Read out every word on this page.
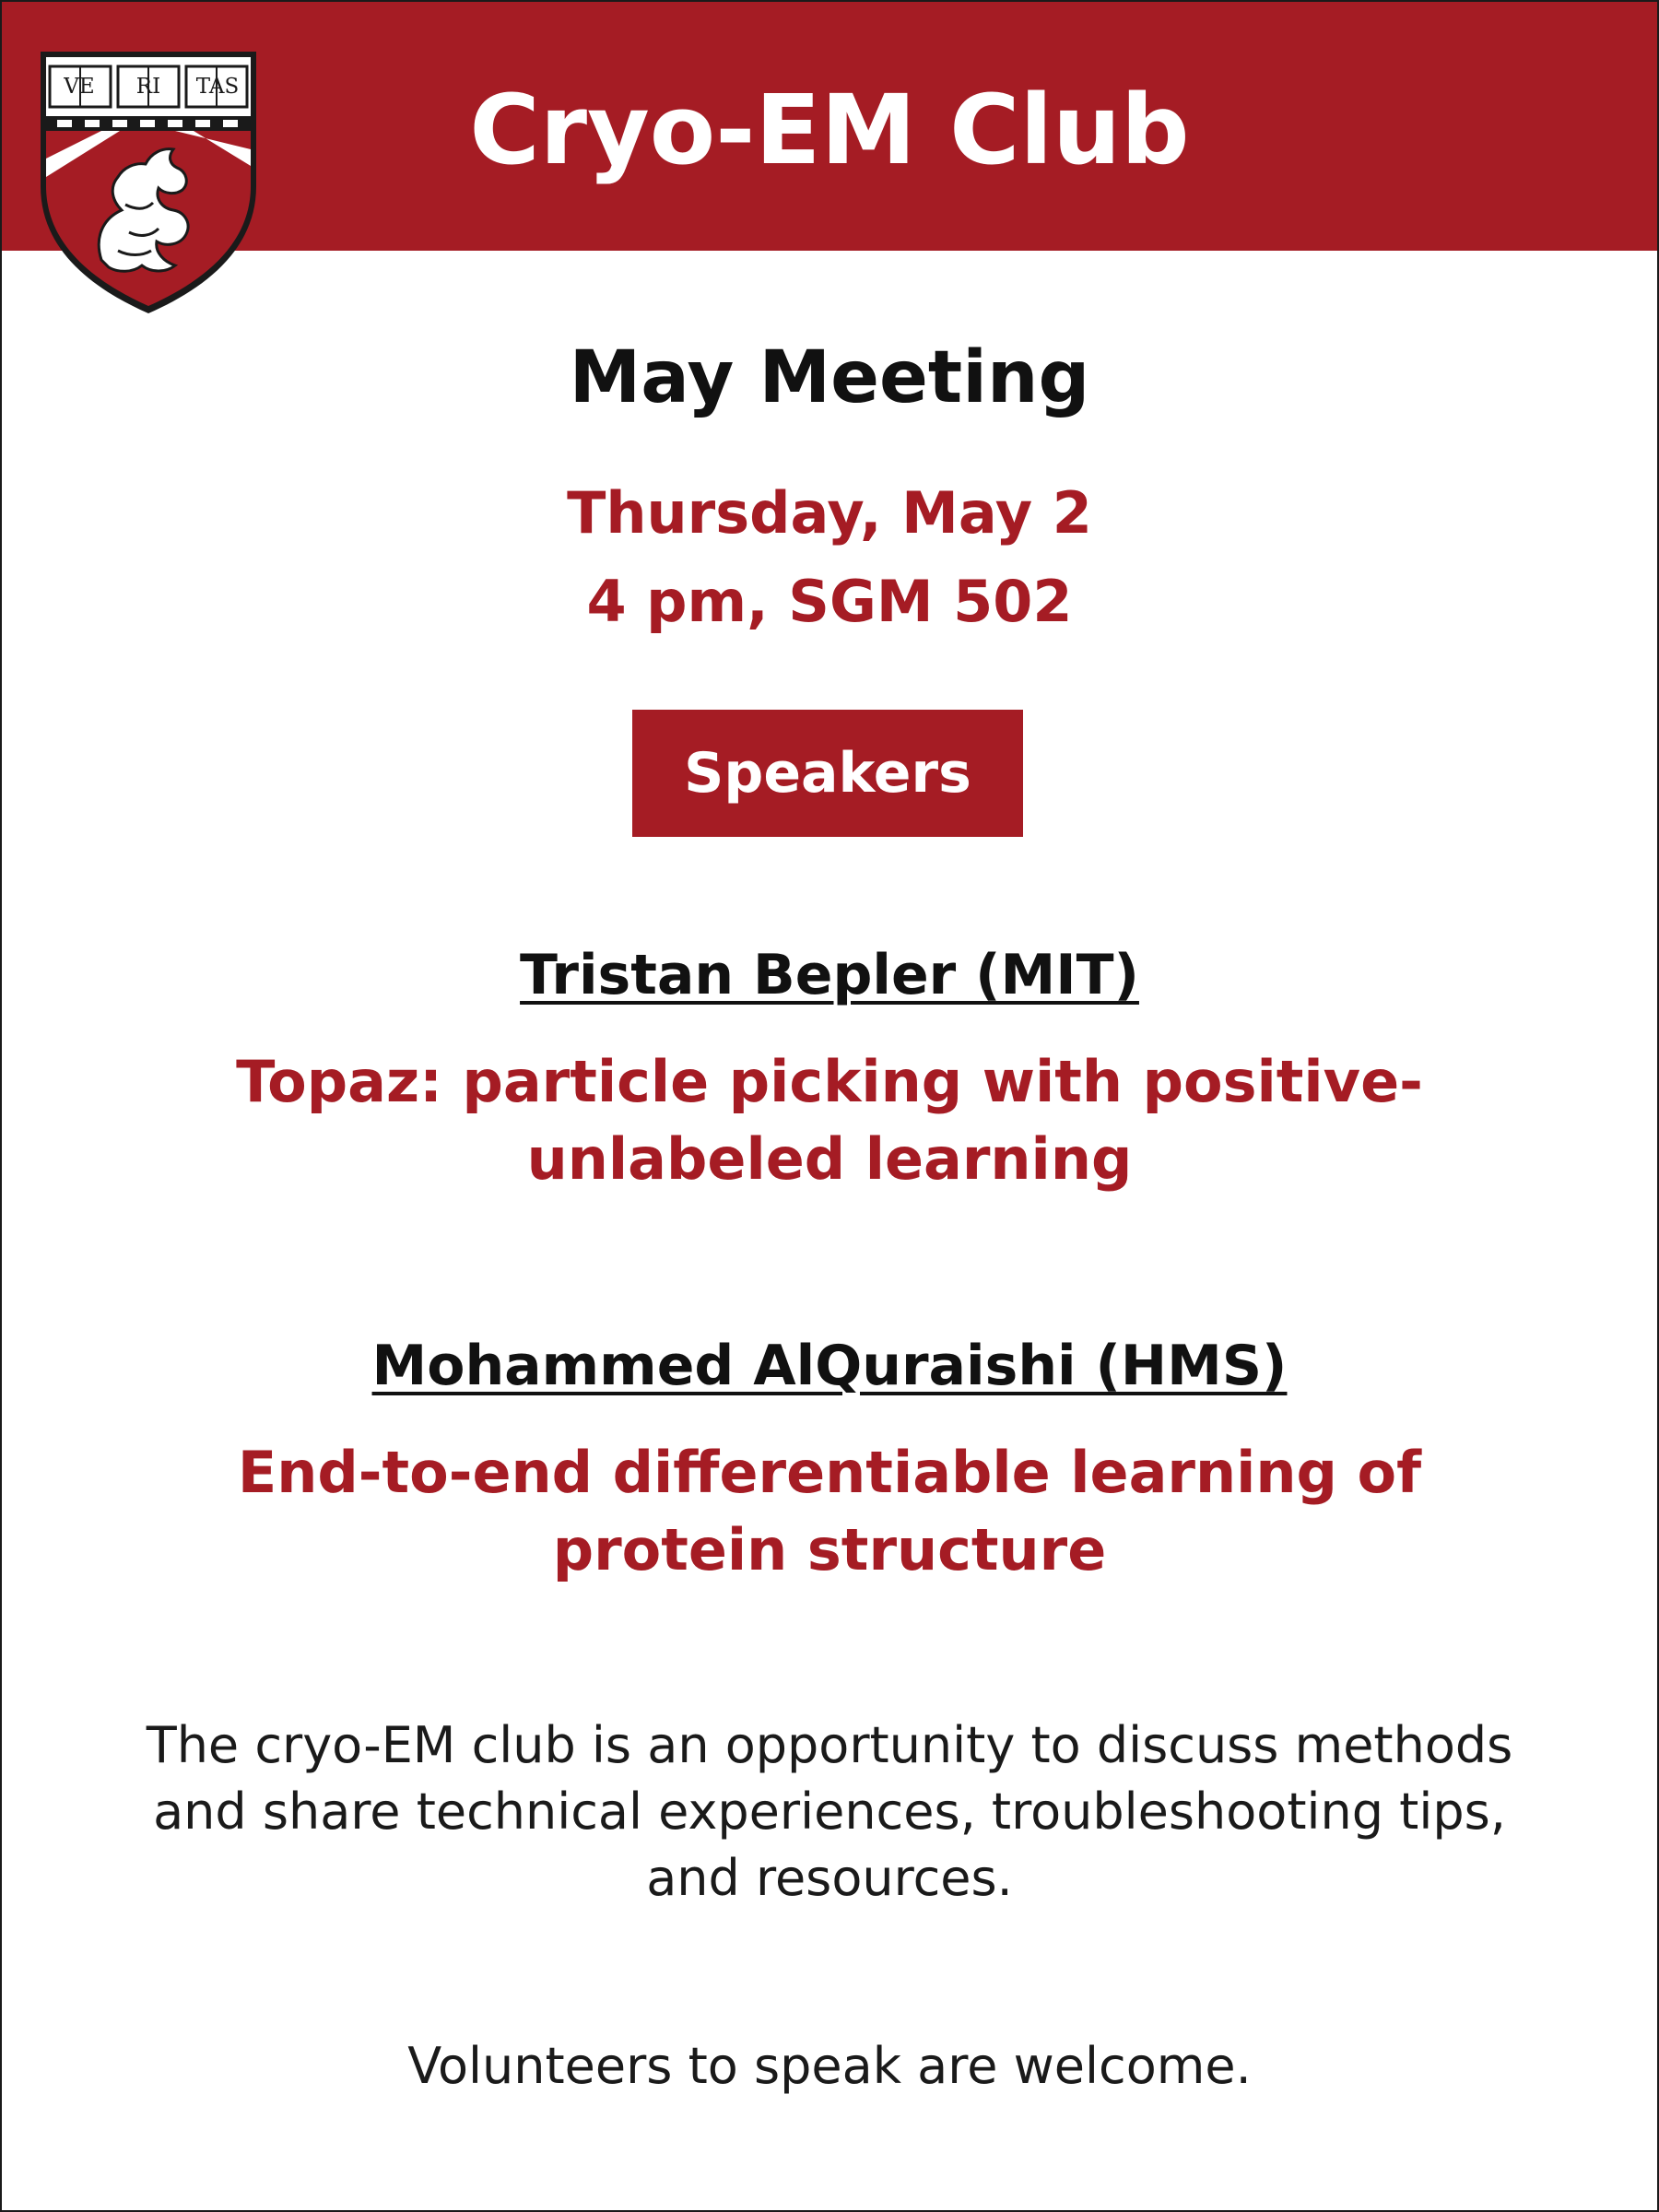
Cryo-EM Club
VE	RI	TAS
May Meeting
Thursday, May 2
4 pm, SGM 502
Speakers
Tristan Bepler (MIT)
Topaz: particle picking with positive-unlabeled learning
Mohammed AlQuraishi (HMS)
End-to-end differentiable learning of protein structure
The cryo-EM club is an opportunity to discuss methods and share technical experiences, troubleshooting tips, and resources.
Volunteers to speak are welcome.
